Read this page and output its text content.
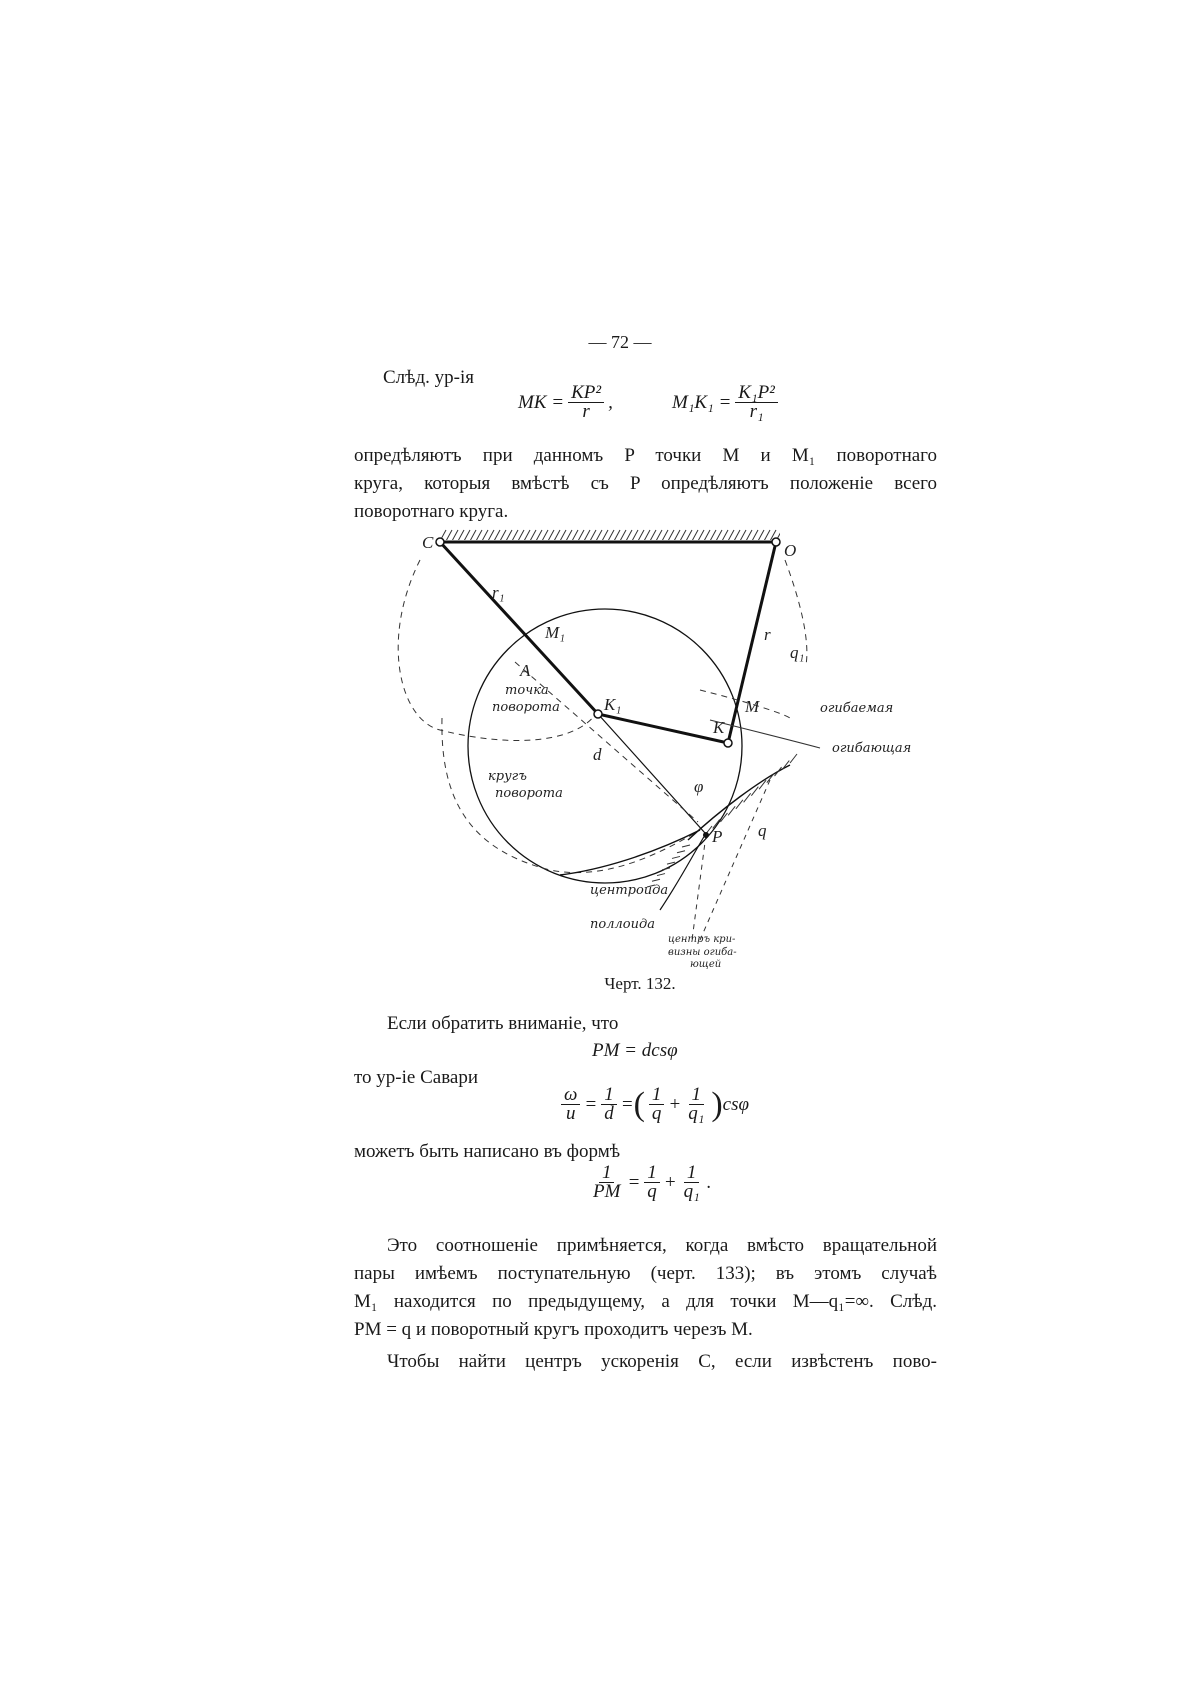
— 72 —
Слѣд. ур-ія
MK = $\frac{\text{KP²}}{r}$ ,	$M_1K_1 = \frac{\text{K₁P²}}{\text{r₁}}$
опредѣляютъ при данномъ P точки M и M₁ поворотнаго
круга, которыя вмѣстѣ съ P опредѣляютъ положеніе всего
поворотнаго круга.
C	O
r₁
r
q₁
M₁
A
K₁	M
K
d
φ
P q
точка
поворота
кругъ
поворота
огибаемая
огибающая
центроида
поллоида
центръ кри-
визны огиба-
ющей
Черт. 132.
Если обратить вниманіе, что
PM = dcsφ
то ур-іе Савари
$\frac{\omega}{u} = \frac{1}{d}$ = ( $\frac{1}{q} + \frac{1}{\text{q₁}}$ ) csφ
можетъ быть написано въ формѣ
$\frac{1}{PM} = \frac{1}{q} + \frac{1}{\text{q₁}}$ .
Это соотношеніе примѣняется, когда вмѣсто вращательной
пары имѣемъ поступательную (черт. 133); въ этомъ случаѣ
M₁ находится по предыдущему, а для точки M—q₁=∞. Слѣд.
PM = q и поворотный кругъ проходитъ черезъ M.
Чтобы найти центръ ускоренія C, если извѣстенъ пово-
